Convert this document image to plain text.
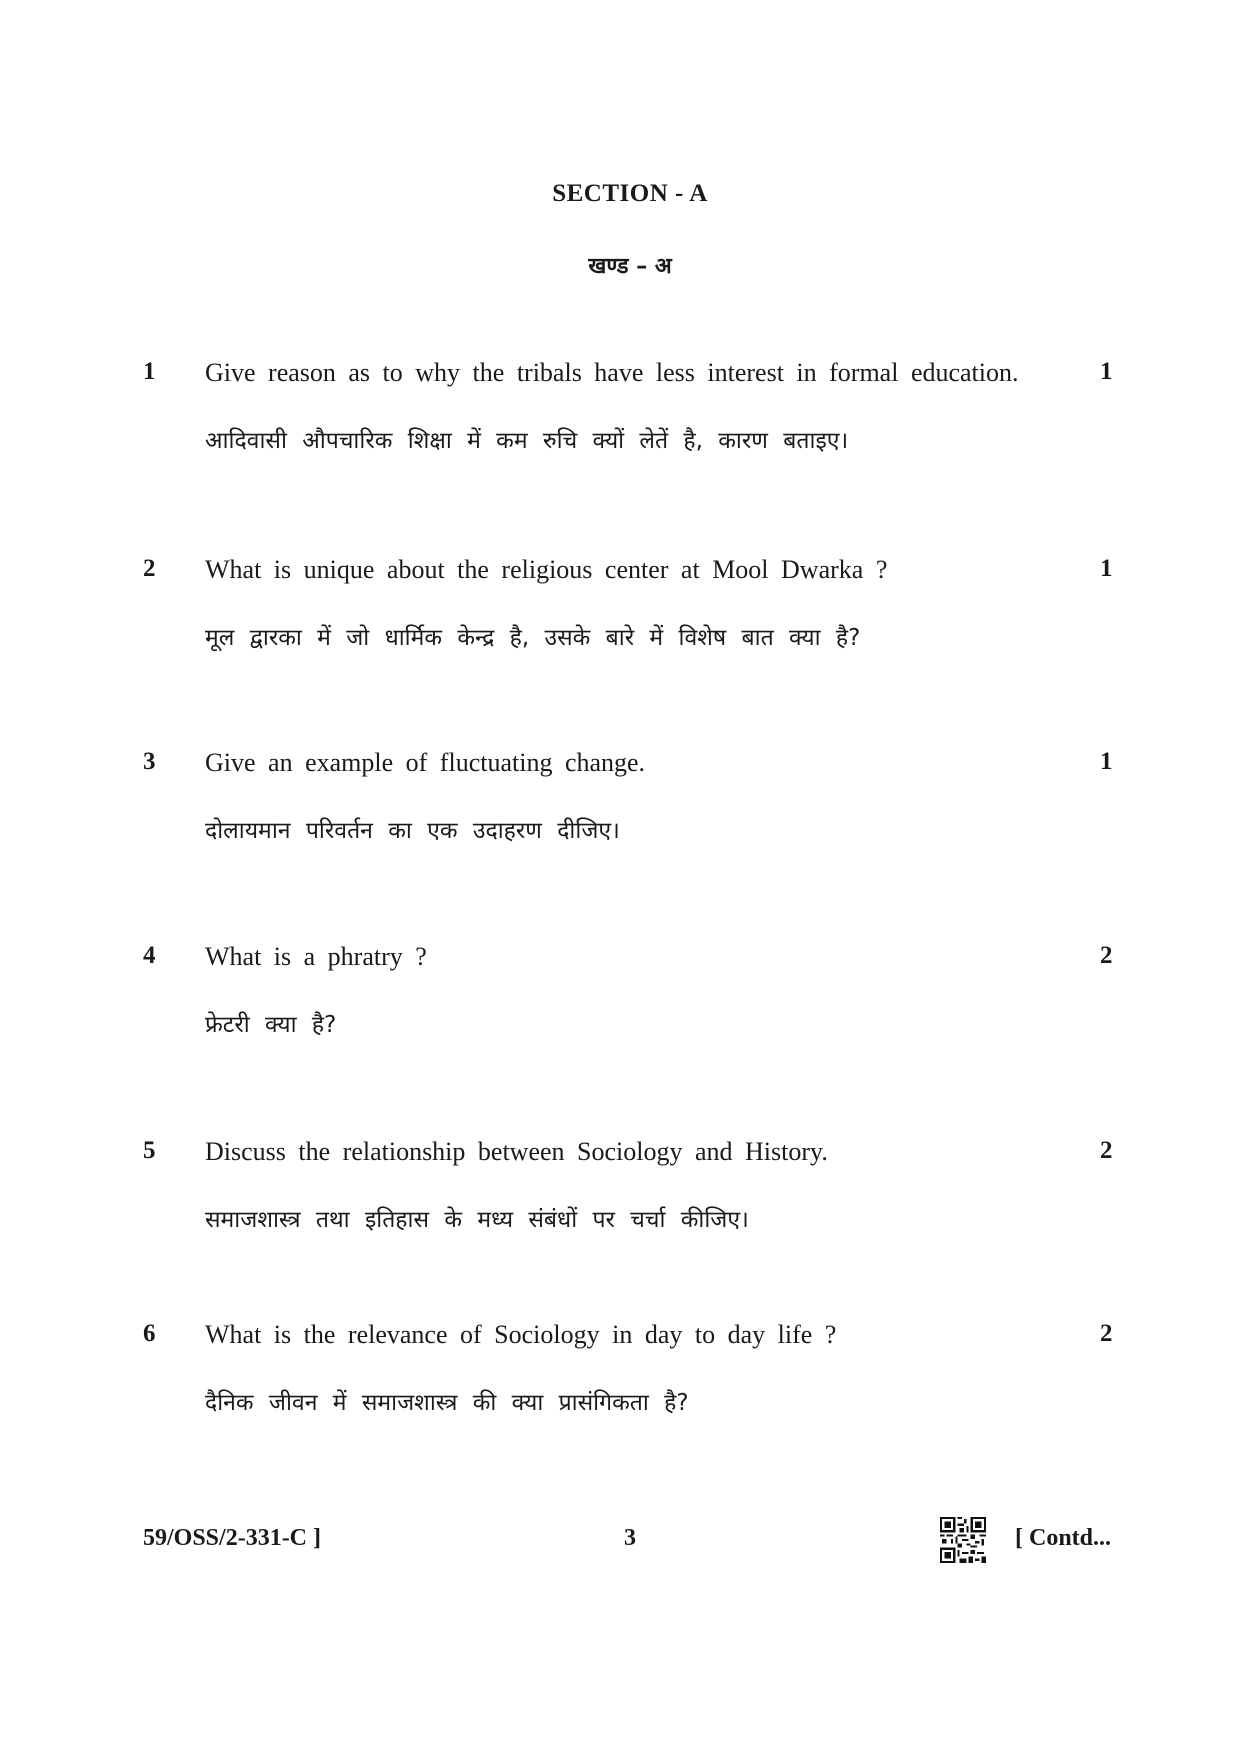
SECTION - A
खण्ड – अ
1 Give reason as to why the tribals have less interest in formal education.
आदिवासी औपचारिक शिक्षा में कम रुचि क्यों लेतें है, कारण बताइए।
1
2 What is unique about the religious center at Mool Dwarka ?
मूल द्वारका में जो धार्मिक केन्द्र है, उसके बारे में विशेष बात क्या है?
1
3 Give an example of fluctuating change.
दोलायमान परिवर्तन का एक उदाहरण दीजिए।
1
4 What is a phratry ?
फ्रेटरी क्या है?
2
5 Discuss the relationship between Sociology and History.
समाजशास्त्र तथा इतिहास के मध्य संबंधों पर चर्चा कीजिए।
2
6 What is the relevance of Sociology in day to day life ?
दैनिक जीवन में समाजशास्त्र की क्या प्रासंगिकता है?
2
59/OSS/2-331-C ]	3	[ Contd...
